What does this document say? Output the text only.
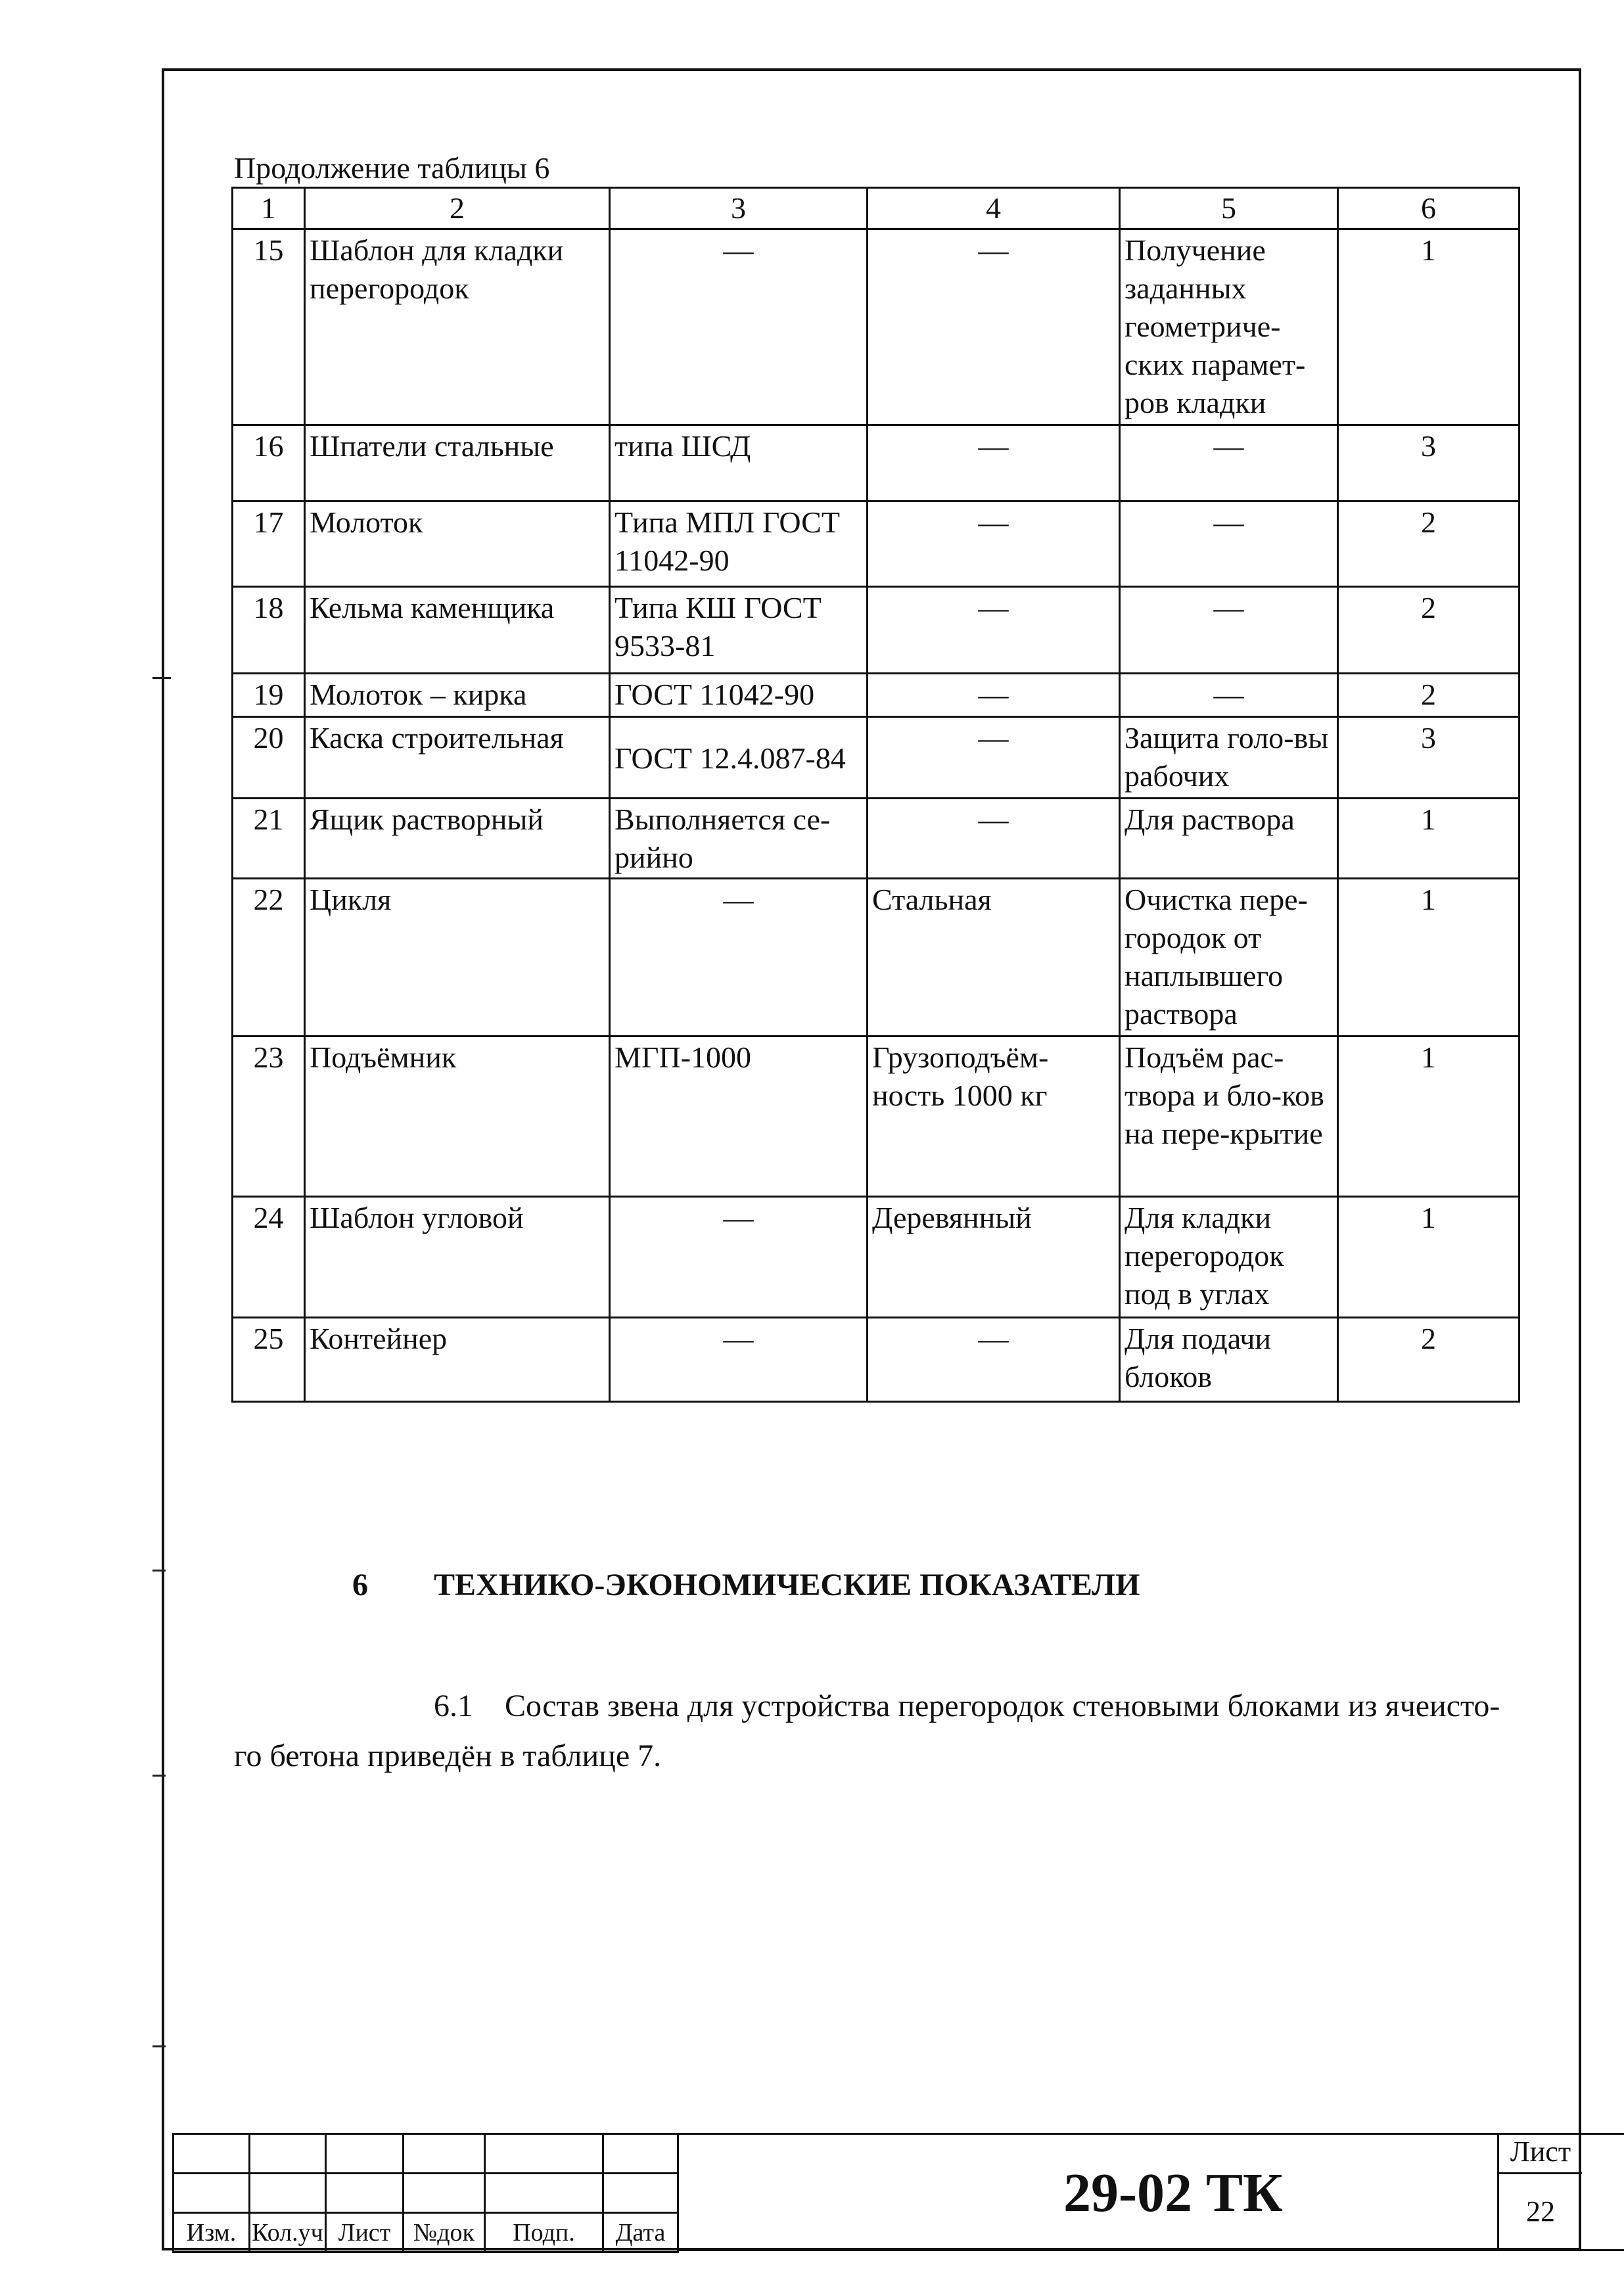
Продолжение таблицы 6
1	2	3	4	5	6
15	Шаблон для кладки перегородок	—	—	Получение заданных геометриче-ских парамет-ров кладки	1
16	Шпатели стальные	типа ШСД	—	—	3
17	Молоток	Типа МПЛ ГОСТ 11042-90	—	—	2
18	Кельма каменщика	Типа КШ ГОСТ 9533-81	—	—	2
19	Молоток – кирка	ГОСТ 11042-90	—	—	2
20	Каска строительная	ГОСТ 12.4.087-84	—	Защита голо-вы рабочих	3
21	Ящик растворный	Выполняется се-рийно	—	Для раствора	1
22	Цикля	—	Стальная	Очистка пере-городок от наплывшего раствора	1
23	Подъёмник	МГП-1000	Грузоподъём-ность 1000 кг	Подъём рас-твора и бло-ков на пере-крытие	1
24	Шаблон угловой	—	Деревянный	Для кладки перегородок под в углах	1
25	Контейнер	—	—	Для подачи блоков	2
6 ТЕХНИКО-ЭКОНОМИЧЕСКИЕ ПОКАЗАТЕЛИ
6.1 Состав звена для устройства перегородок стеновыми блоками из ячеисто-го бетона приведён в таблице 7.

Изм.	Кол.уч	Лист	№док	Подп.	Дата
29-02 ТК
Лист
22
